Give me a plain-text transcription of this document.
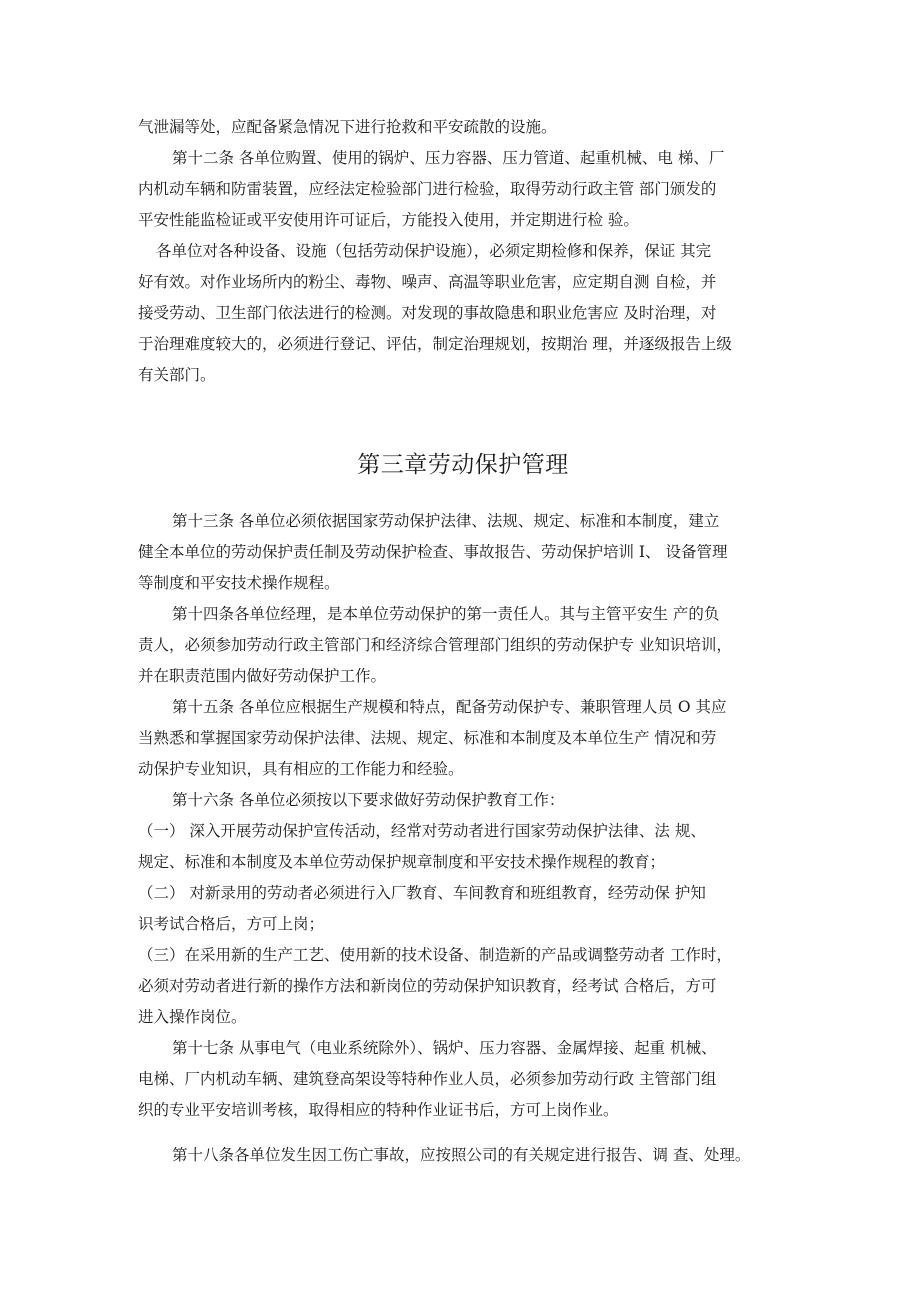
气泄漏等处，应配备紧急情况下进行抢救和平安疏散的设施。

第十二条 各单位购置、使用的锅炉、压力容器、压力管道、起重机械、电 梯、厂

内机动车辆和防雷装置，应经法定检验部门进行检验，取得劳动行政主管 部门颁发的

平安性能监检证或平安使用许可证后，方能投入使用，并定期进行检 验。

各单位对各种设备、设施（包括劳动保护设施），必须定期检修和保养，保证 其完

好有效。对作业场所内的粉尘、毒物、噪声、高温等职业危害，应定期自测 自检，并

接受劳动、卫生部门依法进行的检测。对发现的事故隐患和职业危害应 及时治理，对

于治理难度较大的，必须进行登记、评估，制定治理规划，按期治 理，并逐级报告上级

有关部门。

第三章劳动保护管理

第十三条 各单位必须依据国家劳动保护法律、法规、规定、标准和本制度，建立

健全本单位的劳动保护责任制及劳动保护检查、事故报告、劳动保护培训 I、 设备管理

等制度和平安技术操作规程。

第十四条各单位经理，是本单位劳动保护的第一责任人。其与主管平安生 产的负

责人，必须参加劳动行政主管部门和经济综合管理部门组织的劳动保护专 业知识培训，

并在职责范围内做好劳动保护工作。

第十五条 各单位应根据生产规模和特点，配备劳动保护专、兼职管理人员 O 其应

当熟悉和掌握国家劳动保护法律、法规、规定、标准和本制度及本单位生产 情况和劳

动保护专业知识，具有相应的工作能力和经验。

第十六条 各单位必须按以下要求做好劳动保护教育工作：

（一） 深入开展劳动保护宣传活动，经常对劳动者进行国家劳动保护法律、法 规、

规定、标准和本制度及本单位劳动保护规章制度和平安技术操作规程的教育；

（二） 对新录用的劳动者必须进行入厂教育、车间教育和班组教育，经劳动保 护知

识考试合格后，方可上岗；

（三）在采用新的生产工艺、使用新的技术设备、制造新的产品或调整劳动者 工作时，

必须对劳动者进行新的操作方法和新岗位的劳动保护知识教育，经考试 合格后，方可

进入操作岗位。

第十七条 从事电气（电业系统除外）、锅炉、压力容器、金属焊接、起重 机械、

电梯、厂内机动车辆、建筑登高架设等特种作业人员，必须参加劳动行政 主管部门组

织的专业平安培训考核，取得相应的特种作业证书后，方可上岗作业。

第十八条各单位发生因工伤亡事故，应按照公司的有关规定进行报告、调 查、处理。
